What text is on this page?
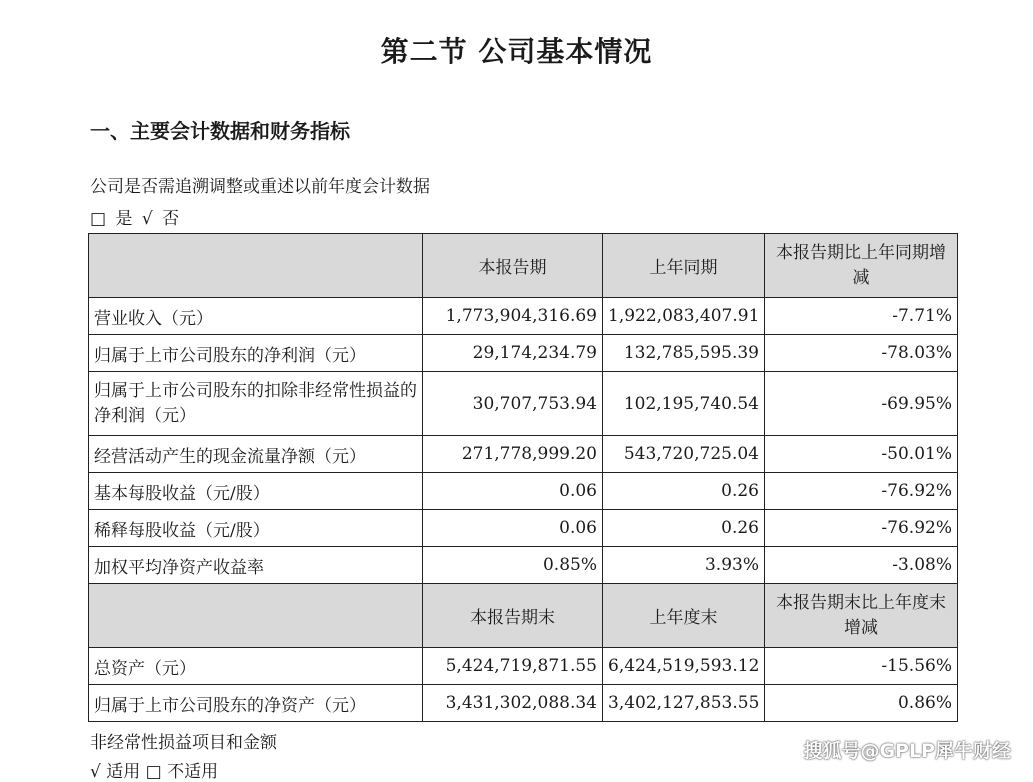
第二节 公司基本情况
一、主要会计数据和财务指标
公司是否需追溯调整或重述以前年度会计数据
□ 是 √ 否
	本报告期	上年同期	本报告期比上年同期增减
营业收入（元）	1,773,904,316.69	1,922,083,407.91	-7.71%
归属于上市公司股东的净利润（元）	29,174,234.79	132,785,595.39	-78.03%
归属于上市公司股东的扣除非经常性损益的净利润（元）	30,707,753.94	102,195,740.54	-69.95%
经营活动产生的现金流量净额（元）	271,778,999.20	543,720,725.04	-50.01%
基本每股收益（元/股）	0.06	0.26	-76.92%
稀释每股收益（元/股）	0.06	0.26	-76.92%
加权平均净资产收益率	0.85%	3.93%	-3.08%
	本报告期末	上年度末	本报告期末比上年度末增减
总资产（元）	5,424,719,871.55	6,424,519,593.12	-15.56%
归属于上市公司股东的净资产（元）	3,431,302,088.34	3,402,127,853.55	0.86%
非经常性损益项目和金额
√ 适用 □ 不适用
搜狐号@GPLP犀牛财经
